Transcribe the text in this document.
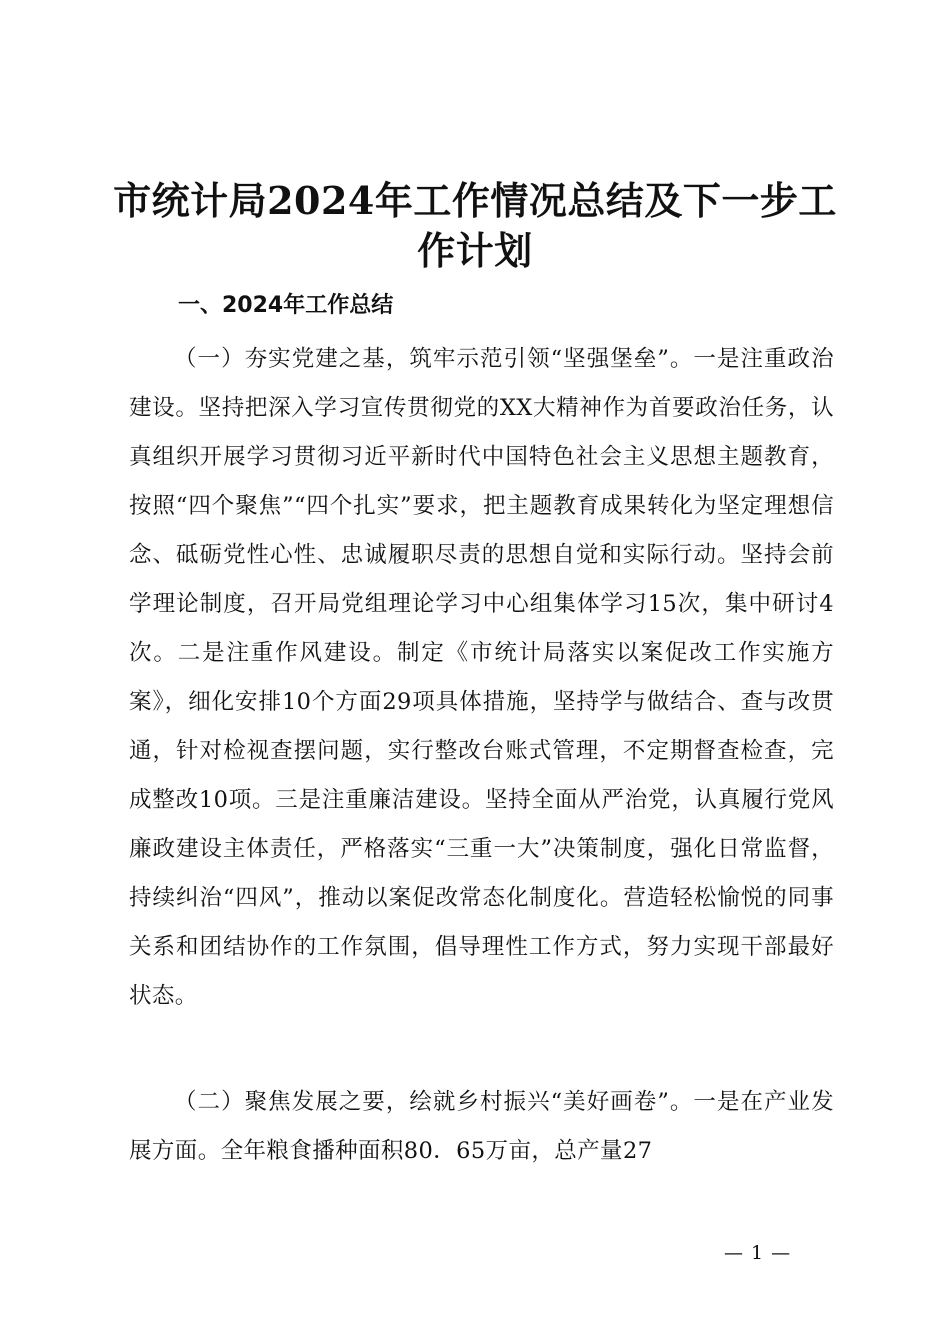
市统计局2024年工作情况总结及下一步工作计划
一、2024年工作总结

（一）夯实党建之基，筑牢示范引领“坚强堡垒”。一是注重政治建设。坚持把深入学习宣传贯彻党的XX大精神作为首要政治任务，认真组织开展学习贯彻习近平新时代中国特色社会主义思想主题教育，按照“四个聚焦”“四个扎实”要求，把主题教育成果转化为坚定理想信念、砥砺党性心性、忠诚履职尽责的思想自觉和实际行动。坚持会前学理论制度，召开局党组理论学习中心组集体学习15次，集中研讨4次。二是注重作风建设。制定《市统计局落实以案促改工作实施方案》，细化安排10个方面29项具体措施，坚持学与做结合、查与改贯通，针对检视查摆问题，实行整改台账式管理，不定期督查检查，完成整改10项。三是注重廉洁建设。坚持全面从严治党，认真履行党风廉政建设主体责任，严格落实“三重一大”决策制度，强化日常监督，持续纠治“四风”，推动以案促改常态化制度化。营造轻松愉悦的同事关系和团结协作的工作氛围，倡导理性工作方式，努力实现干部最好状态。

（二）聚焦发展之要，绘就乡村振兴“美好画卷”。一是在产业发展方面。全年粮食播种面积80．65万亩，总产量27

— 1 —
